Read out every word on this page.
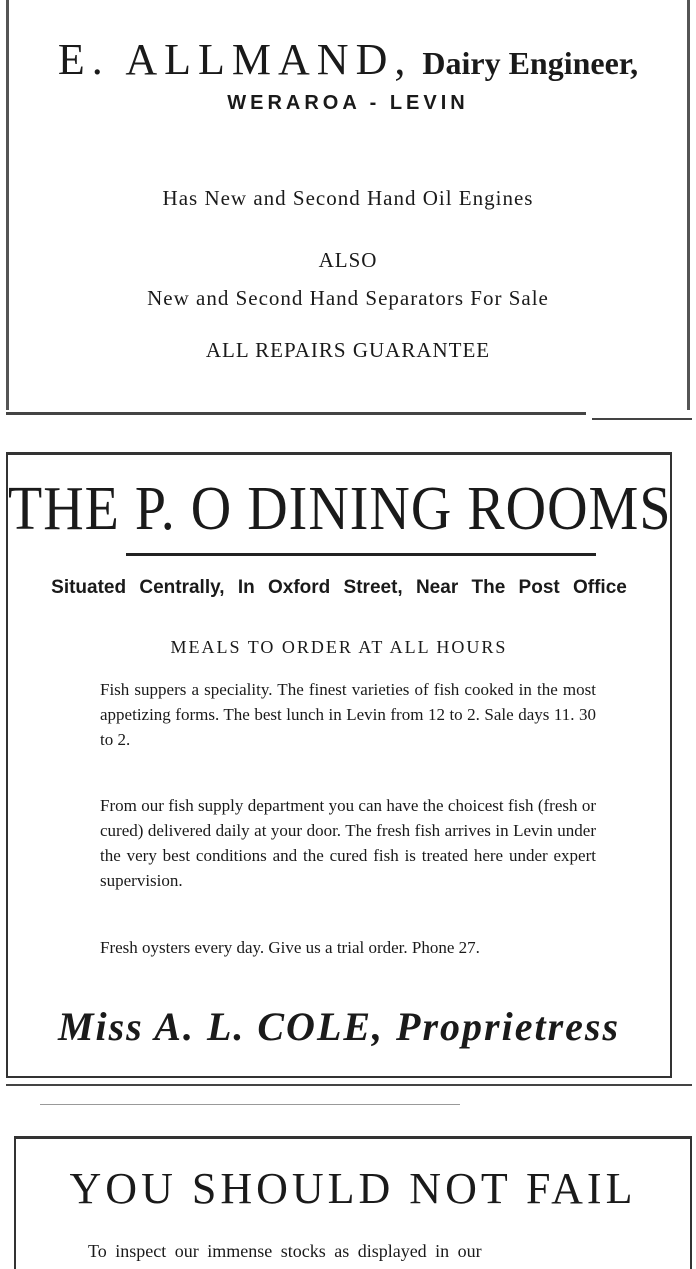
E. ALLMAND, Dairy Engineer,
WERAROA - LEVIN
Has New and Second Hand Oil Engines
ALSO
New and Second Hand Separators For Sale
ALL REPAIRS GUARANTEE
THE P. O DINING ROOMS
Situated Centrally, In Oxford Street, Near The Post Office
MEALS TO ORDER AT ALL HOURS
Fish suppers a speciality. The finest varieties of fish cooked in the most appetizing forms. The best lunch in Levin from 12 to 2. Sale days 11. 30 to 2.
From our fish supply department you can have the choicest fish (fresh or cured) delivered daily at your door. The fresh fish arrives in Levin under the very best conditions and the cured fish is treated here under expert supervision.
Fresh oysters every day. Give us a trial order. Phone 27.
Miss A. L. COLE, Proprietress
YOU SHOULD NOT FAIL
To inspect our immense stocks as displayed in our
